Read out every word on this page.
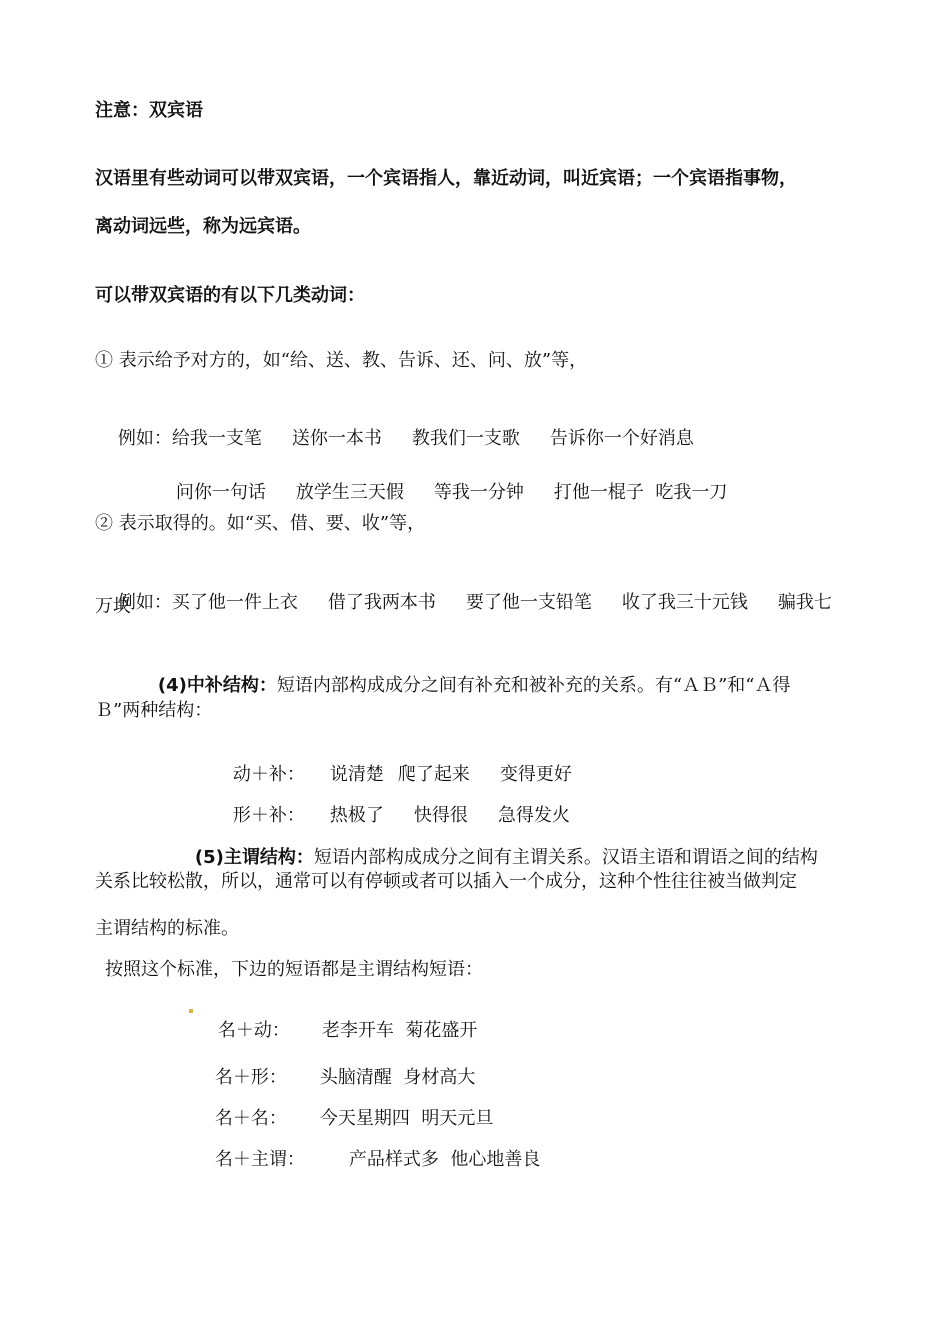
注意：双宾语
汉语里有些动词可以带双宾语，一个宾语指人，靠近动词，叫近宾语；一个宾语指事物，
离动词远些，称为远宾语。
可以带双宾语的有以下几类动词：
① 表示给予对方的，如“给、送、教、告诉、还、问、放”等，

例如：给我一支笔 送你一本书 教我们一支歌 告诉你一个好消息

问你一句话 放学生三天假 等我一分钟 打他一棍子  吃我一刀

② 表示取得的。如“买、借、要、收”等，

例如：买了他一件上衣 借了我两本书 要了他一支铅笔 收了我三十元钱 骗我七

万块

(4)中补结构：短语内部构成成分之间有补充和被补充的关系。有“ＡＢ”和“Ａ得

Ｂ”两种结构：

动＋补： 说清楚 爬了起来 变得更好

形＋补： 热极了 快得很 急得发火

(5)主谓结构：短语内部构成成分之间有主谓关系。汉语主语和谓语之间的结构

关系比较松散，所以，通常可以有停顿或者可以插入一个成分，这种个性往往被当做判定
主谓结构的标准。
按照这个标准，下边的短语都是主谓结构短语：

名＋动： 老李开车  菊花盛开

名＋形： 头脑清醒  身材高大

名＋名： 今天星期四  明天元旦

名＋主谓： 产品样式多  他心地善良
